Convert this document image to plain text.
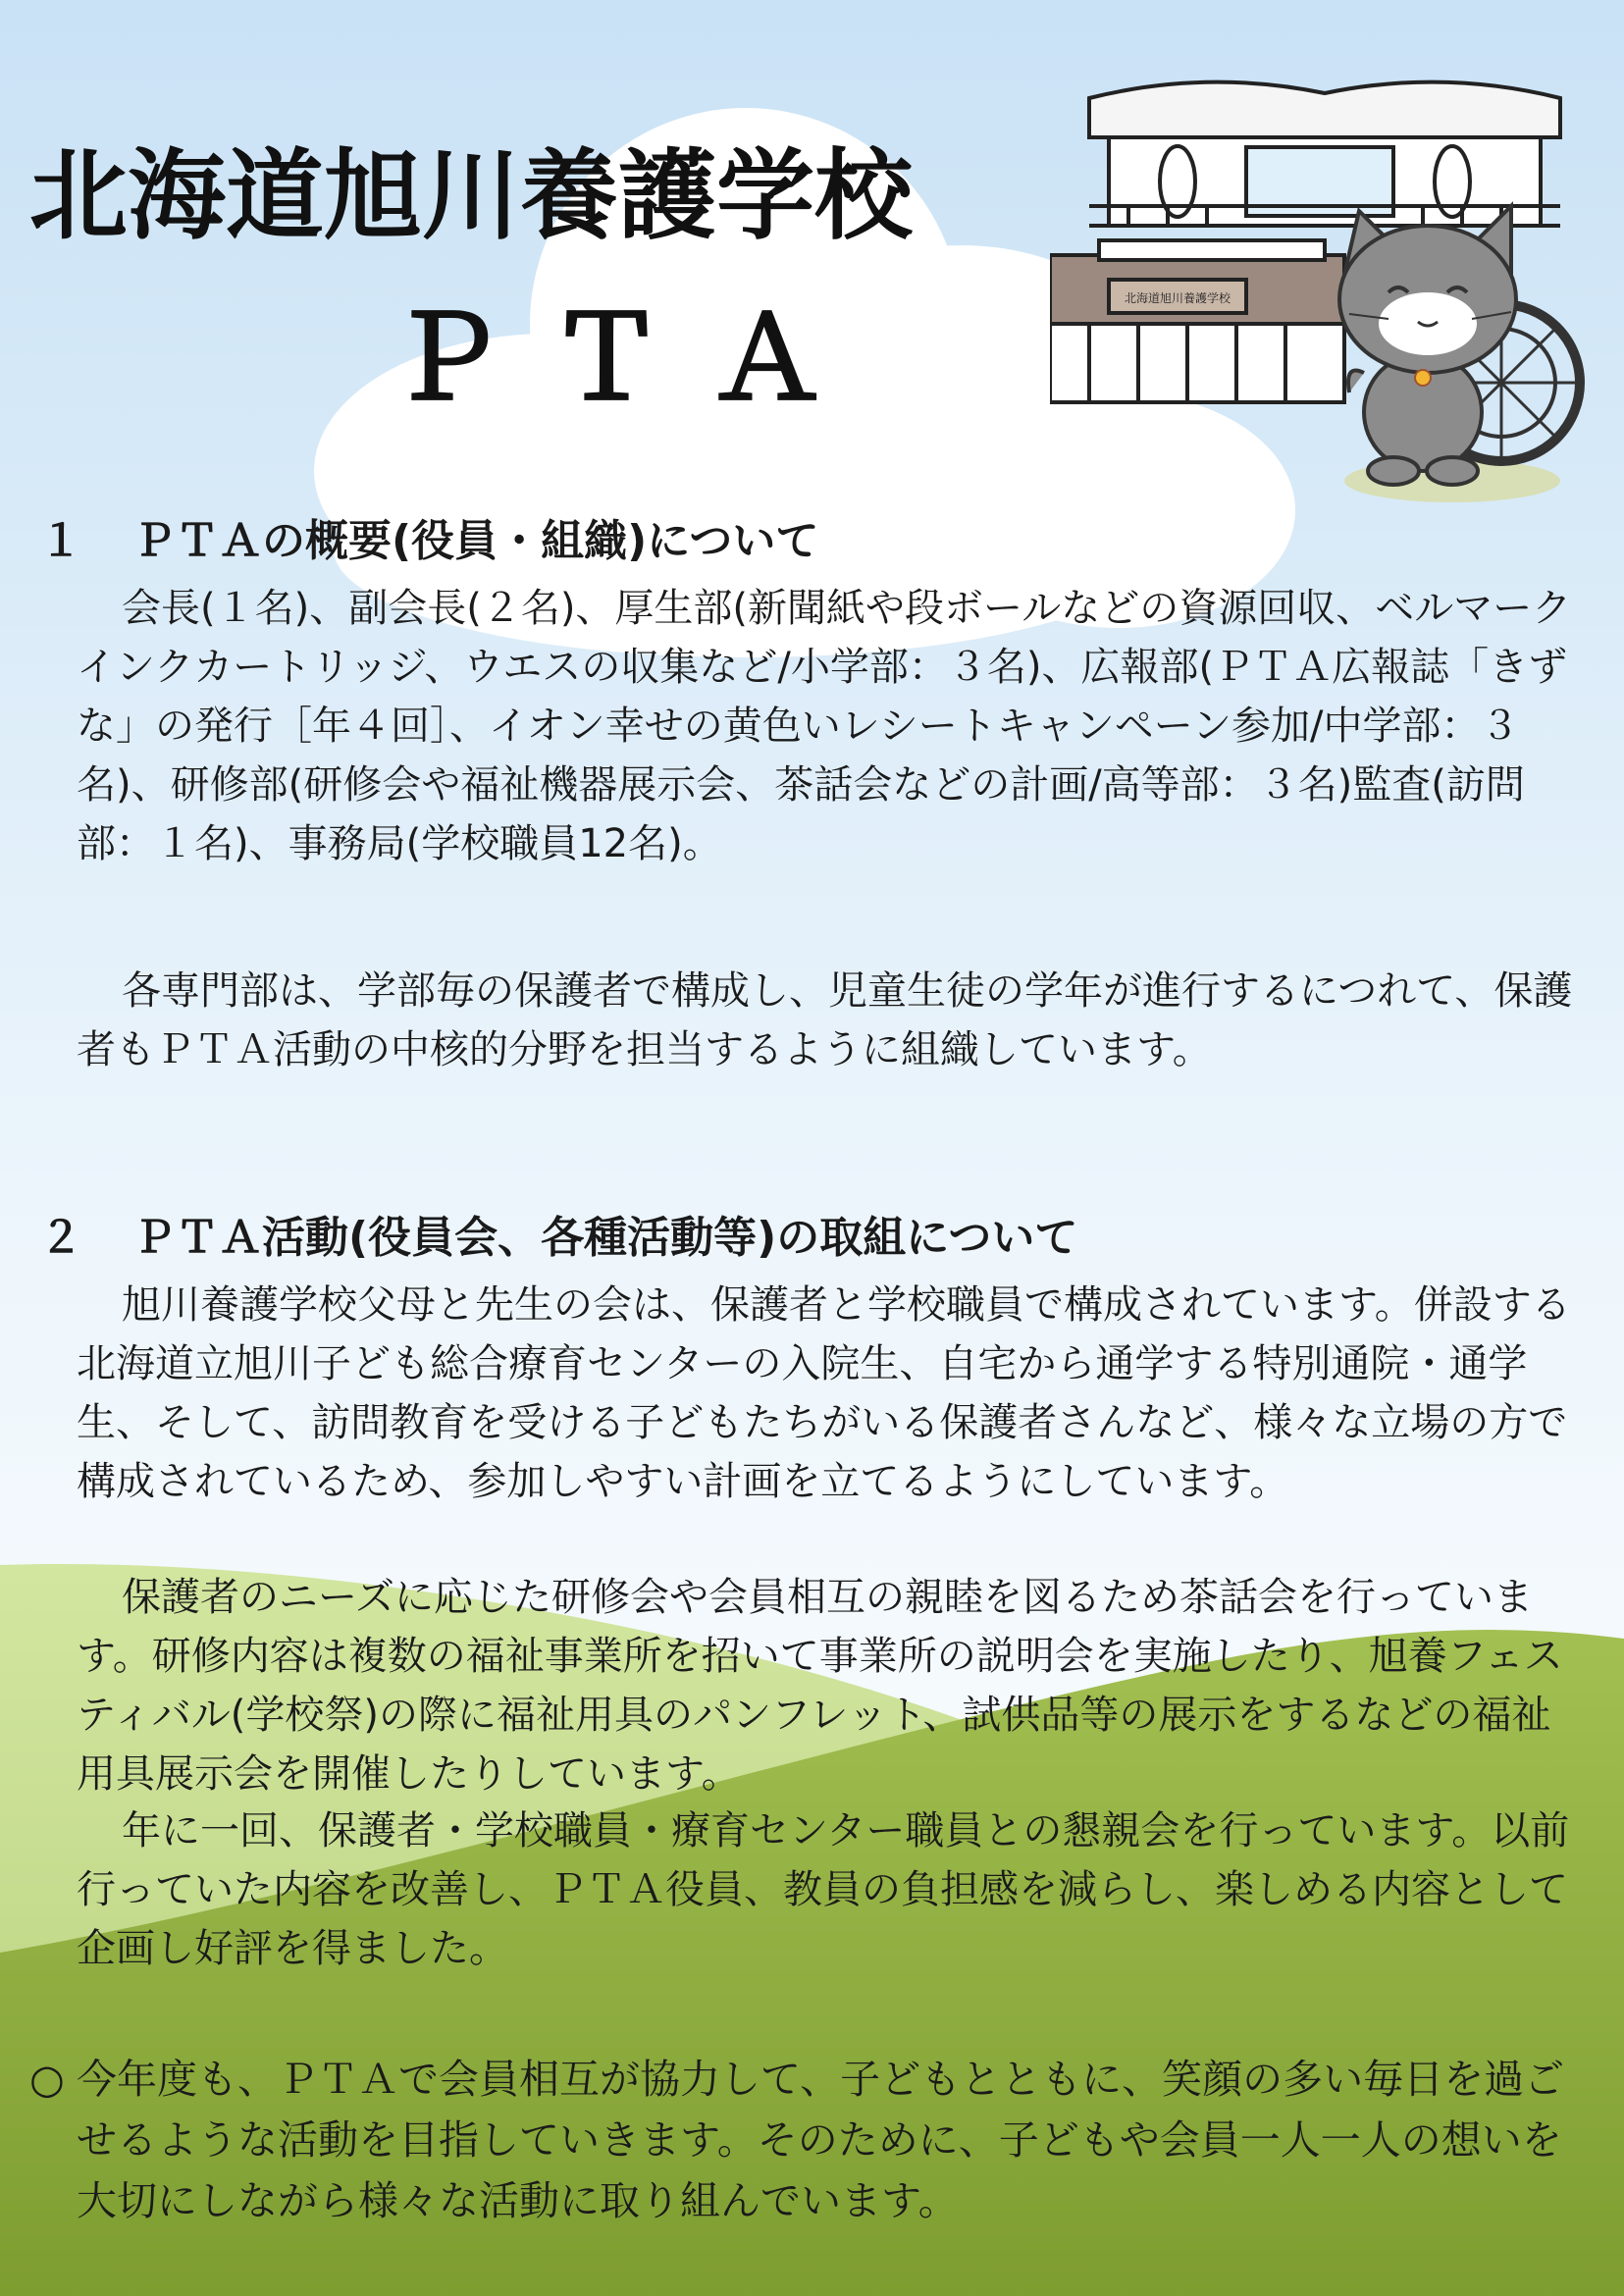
北海道旭川養護学校
ＰＴＡ	北海道旭川養護学校
１ ＰＴＡの概要(役員・組織)について

会長(１名)、副会長(２名)、厚生部(新聞紙や段ボールなどの資源回収、ベルマークインクカートリッジ、ウエスの収集など/小学部：３名)、広報部(ＰＴＡ広報誌「きずな」の発行［年４回］、イオン幸せの黄色いレシートキャンペーン参加/中学部：３名)、研修部(研修会や福祉機器展示会、茶話会などの計画/高等部：３名)監査(訪問部：１名)、事務局(学校職員12名)。

各専門部は、学部毎の保護者で構成し、児童生徒の学年が進行するにつれて、保護者もＰＴＡ活動の中核的分野を担当するように組織しています。

２ ＰＴＡ活動(役員会、各種活動等)の取組について

旭川養護学校父母と先生の会は、保護者と学校職員で構成されています。併設する北海道立旭川子ども総合療育センターの入院生、自宅から通学する特別通院・通学生、そして、訪問教育を受ける子どもたちがいる保護者さんなど、様々な立場の方で構成されているため、参加しやすい計画を立てるようにしています。

保護者のニーズに応じた研修会や会員相互の親睦を図るため茶話会を行っています。研修内容は複数の福祉事業所を招いて事業所の説明会を実施したり、旭養フェスティバル(学校祭)の際に福祉用具のパンフレット、試供品等の展示をするなどの福祉用具展示会を開催したりしています。

年に一回、保護者・学校職員・療育センター職員との懇親会を行っています。以前行っていた内容を改善し、ＰＴＡ役員、教員の負担感を減らし、楽しめる内容として企画し好評を得ました。

○ 今年度も、ＰＴＡで会員相互が協力して、子どもとともに、笑顔の多い毎日を過ごせるような活動を目指していきます。そのために、子どもや会員一人一人の想いを大切にしながら様々な活動に取り組んでいます。
